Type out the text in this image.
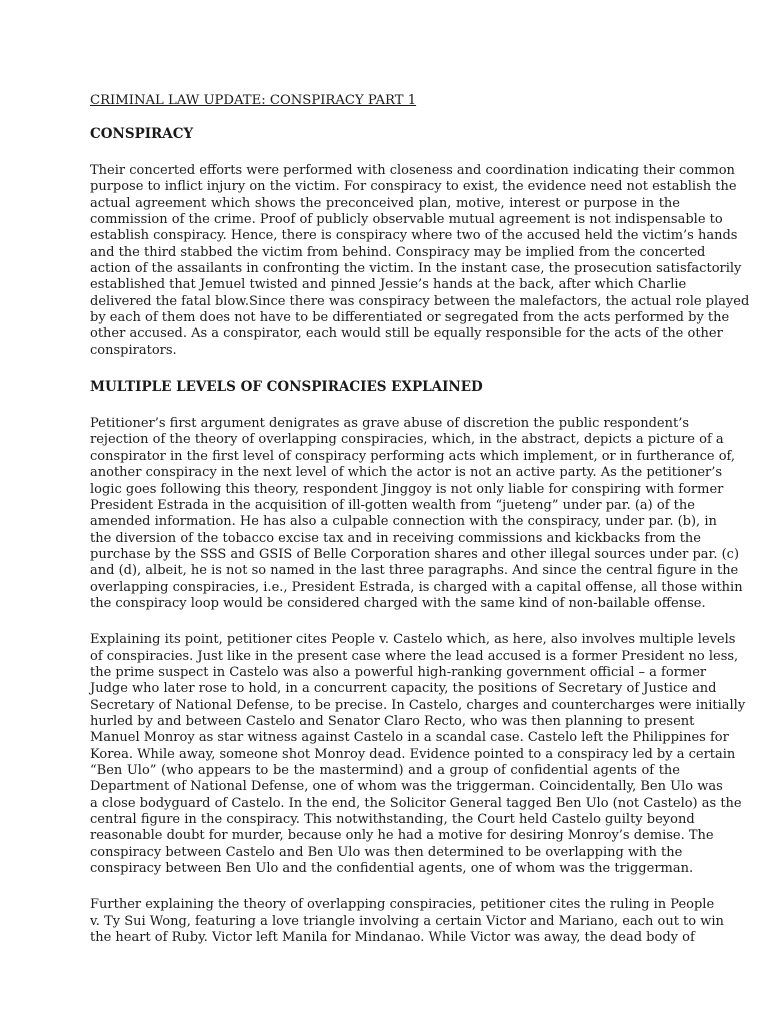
CRIMINAL LAW UPDATE: CONSPIRACY PART 1
CONSPIRACY
Their concerted efforts were performed with closeness and coordination indicating their common
purpose to inflict injury on the victim. For conspiracy to exist, the evidence need not establish the
actual agreement which shows the preconceived plan, motive, interest or purpose in the
commission of the crime. Proof of publicly observable mutual agreement is not indispensable to
establish conspiracy. Hence, there is conspiracy where two of the accused held the victim’s hands
and the third stabbed the victim from behind. Conspiracy may be implied from the concerted
action of the assailants in confronting the victim. In the instant case, the prosecution satisfactorily
established that Jemuel twisted and pinned Jessie’s hands at the back, after which Charlie
delivered the fatal blow.Since there was conspiracy between the malefactors, the actual role played
by each of them does not have to be differentiated or segregated from the acts performed by the
other accused. As a conspirator, each would still be equally responsible for the acts of the other
conspirators.
MULTIPLE LEVELS OF CONSPIRACIES EXPLAINED
Petitioner’s first argument denigrates as grave abuse of discretion the public respondent’s
rejection of the theory of overlapping conspiracies, which, in the abstract, depicts a picture of a
conspirator in the first level of conspiracy performing acts which implement, or in furtherance of,
another conspiracy in the next level of which the actor is not an active party. As the petitioner’s
logic goes following this theory, respondent Jinggoy is not only liable for conspiring with former
President Estrada in the acquisition of ill-gotten wealth from “jueteng” under par. (a) of the
amended information. He has also a culpable connection with the conspiracy, under par. (b), in
the diversion of the tobacco excise tax and in receiving commissions and kickbacks from the
purchase by the SSS and GSIS of Belle Corporation shares and other illegal sources under par. (c)
and (d), albeit, he is not so named in the last three paragraphs. And since the central figure in the
overlapping conspiracies, i.e., President Estrada, is charged with a capital offense, all those within
the conspiracy loop would be considered charged with the same kind of non-bailable offense.
Explaining its point, petitioner cites People v. Castelo which, as here, also involves multiple levels
of conspiracies. Just like in the present case where the lead accused is a former President no less,
the prime suspect in Castelo was also a powerful high-ranking government official – a former
Judge who later rose to hold, in a concurrent capacity, the positions of Secretary of Justice and
Secretary of National Defense, to be precise. In Castelo, charges and countercharges were initially
hurled by and between Castelo and Senator Claro Recto, who was then planning to present
Manuel Monroy as star witness against Castelo in a scandal case. Castelo left the Philippines for
Korea. While away, someone shot Monroy dead. Evidence pointed to a conspiracy led by a certain
“Ben Ulo” (who appears to be the mastermind) and a group of confidential agents of the
Department of National Defense, one of whom was the triggerman. Coincidentally, Ben Ulo was
a close bodyguard of Castelo. In the end, the Solicitor General tagged Ben Ulo (not Castelo) as the
central figure in the conspiracy. This notwithstanding, the Court held Castelo guilty beyond
reasonable doubt for murder, because only he had a motive for desiring Monroy’s demise. The
conspiracy between Castelo and Ben Ulo was then determined to be overlapping with the
conspiracy between Ben Ulo and the confidential agents, one of whom was the triggerman.
Further explaining the theory of overlapping conspiracies, petitioner cites the ruling in People
v. Ty Sui Wong, featuring a love triangle involving a certain Victor and Mariano, each out to win
the heart of Ruby. Victor left Manila for Mindanao. While Victor was away, the dead body of
